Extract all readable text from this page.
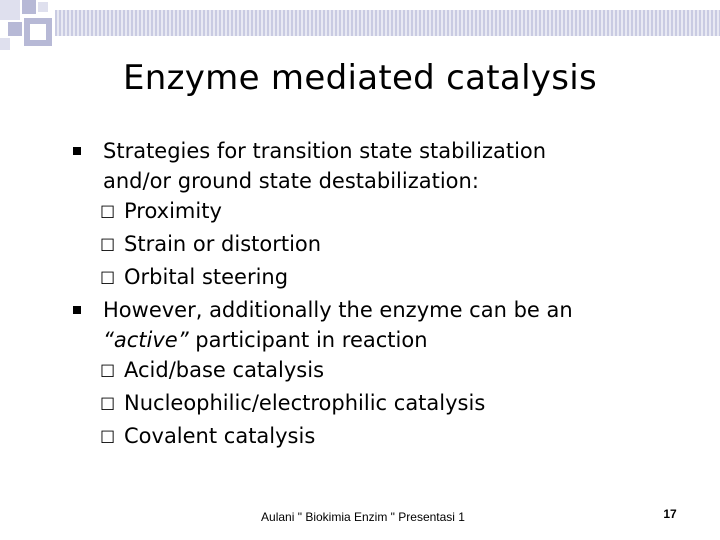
Enzyme mediated catalysis
Strategies for transition state stabilization
and/or ground state destabilization:
☐ Proximity
☐ Strain or distortion
☐ Orbital steering
However, additionally the enzyme can be an
“active” participant in reaction
☐ Acid/base catalysis
☐ Nucleophilic/electrophilic catalysis
☐ Covalent catalysis
Aulani " Biokimia Enzim " Presentasi 1	17
